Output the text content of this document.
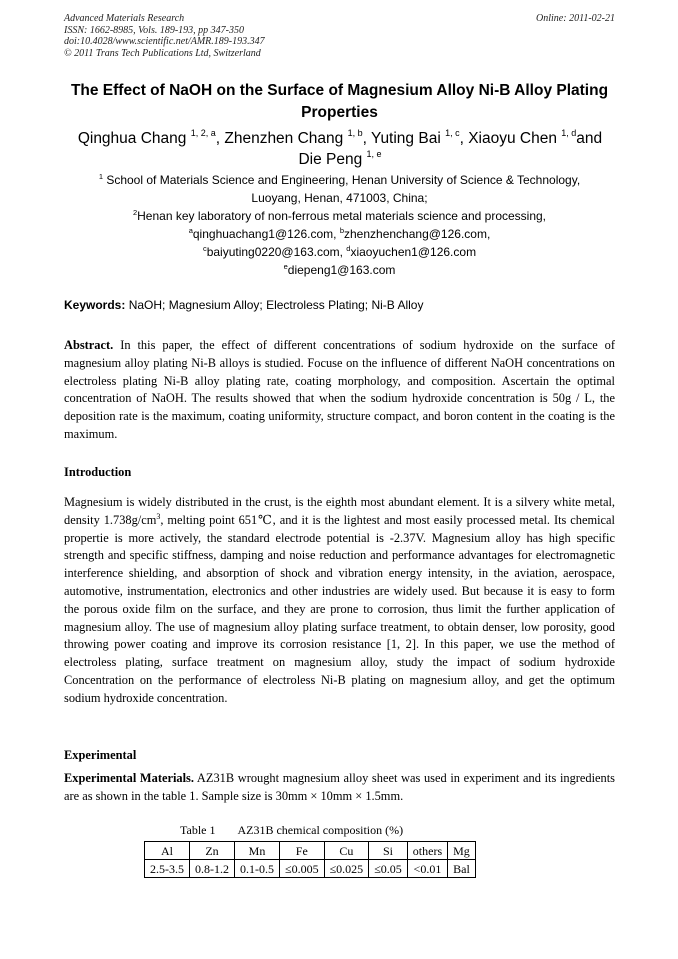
Advanced Materials Research
ISSN: 1662-8985, Vols. 189-193, pp 347-350
doi:10.4028/www.scientific.net/AMR.189-193.347
© 2011 Trans Tech Publications Ltd, Switzerland
Online: 2011-02-21
The Effect of NaOH on the Surface of Magnesium Alloy Ni-B Alloy Plating Properties
Qinghua Chang $^{1, 2, a}$, Zhenzhen Chang $^{1, b}$, Yuting Bai $^{1, c}$, Xiaoyu Chen $^{1, d}$and
Die Peng $^{1, e}$
$^1$ School of Materials Science and Engineering, Henan University of Science & Technology,
Luoyang, Henan, 471003, China;
$^2$Henan key laboratory of non-ferrous metal materials science and processing,
$^a$qinghuachang1@126.com, $^b$zhenzhenchang@126.com,
$^c$baiyuting0220@163.com, $^d$xiaoyuchen1@126.com
$^e$diepeng1@163.com
Keywords: NaOH; Magnesium Alloy; Electroless Plating; Ni-B Alloy
Abstract. In this paper, the effect of different concentrations of sodium hydroxide on the surface of magnesium alloy plating Ni-B alloys is studied. Focuse on the influence of different NaOH concentrations on electroless plating Ni-B alloy plating rate, coating morphology, and composition. Ascertain the optimal concentration of NaOH. The results showed that when the sodium hydroxide concentration is 50g / L, the deposition rate is the maximum, coating uniformity, structure compact, and boron content in the coating is the maximum.
Introduction
Magnesium is widely distributed in the crust, is the eighth most abundant element. It is a silvery white metal, density $1.738g/cm^3$, melting point 651℃, and it is the lightest and most easily processed metal. Its chemical propertie is more actively, the standard electrode potential is -2.37V. Magnesium alloy has high specific strength and specific stiffness, damping and noise reduction and performance advantages for electromagnetic interference shielding, and absorption of shock and vibration energy intensity, in the aviation, aerospace, automotive, instrumentation, electronics and other industries are widely used. But because it is easy to form the porous oxide film on the surface, and they are prone to corrosion, thus limit the further application of magnesium alloy. The use of magnesium alloy plating surface treatment, to obtain denser, low porosity, good throwing power coating and improve its corrosion resistance [1, 2]. In this paper, we use the method of electroless plating, surface treatment on magnesium alloy, study the impact of sodium hydroxide Concentration on the performance of electroless Ni-B plating on magnesium alloy, and get the optimum sodium hydroxide concentration.
Experimental
Experimental Materials. AZ31B wrought magnesium alloy sheet was used in experiment and its ingredients are as shown in the table 1. Sample size is 30mm × 10mm × 1.5mm.
Table 1 AZ31B chemical composition (%)
Al	Zn	Mn	Fe	Cu	Si	others	Mg
2.5-3.5	0.8-1.2	0.1-0.5	≤0.005	≤0.025	≤0.05	<0.01	Bal
